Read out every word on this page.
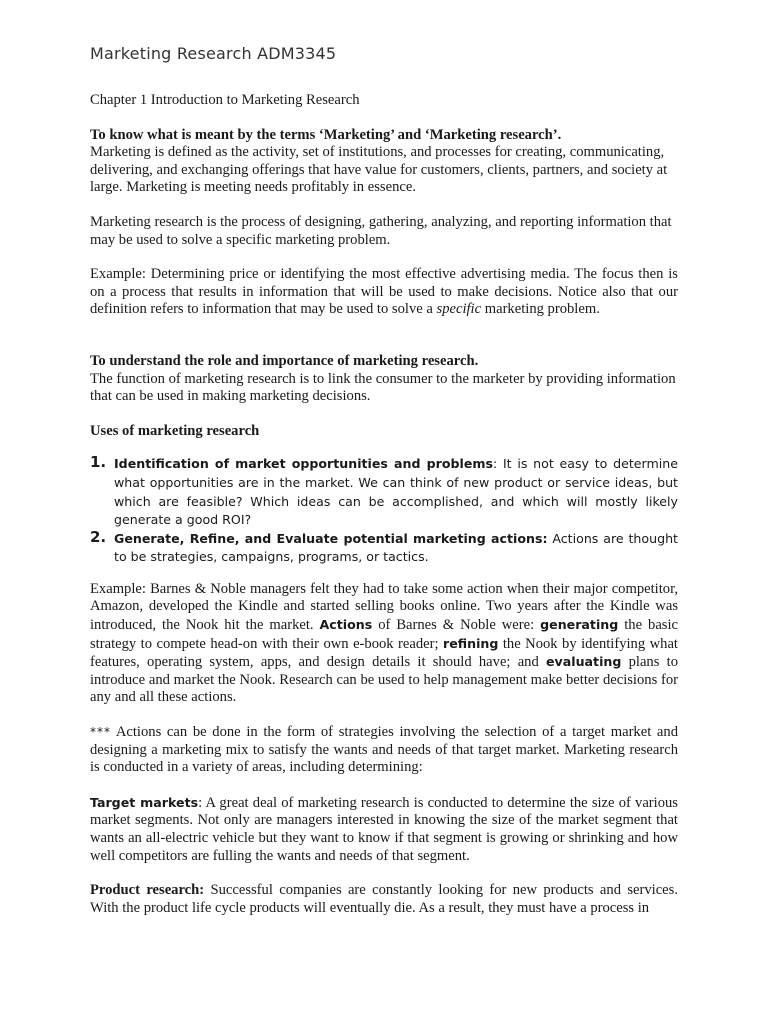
Marketing Research ADM3345

Chapter 1 Introduction to Marketing Research

To know what is meant by the terms ‘Marketing’ and ‘Marketing research’.

Marketing is defined as the activity, set of institutions, and processes for creating, communicating, delivering, and exchanging offerings that have value for customers, clients, partners, and society at large. Marketing is meeting needs profitably in essence.

Marketing research is the process of designing, gathering, analyzing, and reporting information that may be used to solve a specific marketing problem.

Example: Determining price or identifying the most effective advertising media. The focus then is on a process that results in information that will be used to make decisions. Notice also that our definition refers to information that may be used to solve a specific marketing problem.

To understand the role and importance of marketing research.

The function of marketing research is to link the consumer to the marketer by providing information that can be used in making marketing decisions.

Uses of marketing research

1. Identification of market opportunities and problems: It is not easy to determine what opportunities are in the market. We can think of new product or service ideas, but which are feasible? Which ideas can be accomplished, and which will mostly likely generate a good ROI?
2. Generate, Refine, and Evaluate potential marketing actions: Actions are thought to be strategies, campaigns, programs, or tactics.

Example: Barnes & Noble managers felt they had to take some action when their major competitor, Amazon, developed the Kindle and started selling books online. Two years after the Kindle was introduced, the Nook hit the market. Actions of Barnes & Noble were: generating the basic strategy to compete head-on with their own e-book reader; refining the Nook by identifying what features, operating system, apps, and design details it should have; and evaluating plans to introduce and market the Nook. Research can be used to help management make better decisions for any and all these actions.

*** Actions can be done in the form of strategies involving the selection of a target market and designing a marketing mix to satisfy the wants and needs of that target market. Marketing research is conducted in a variety of areas, including determining:

Target markets: A great deal of marketing research is conducted to determine the size of various market segments. Not only are managers interested in knowing the size of the market segment that wants an all-electric vehicle but they want to know if that segment is growing or shrinking and how well competitors are fulling the wants and needs of that segment.

Product research: Successful companies are constantly looking for new products and services. With the product life cycle products will eventually die. As a result, they must have a process in
